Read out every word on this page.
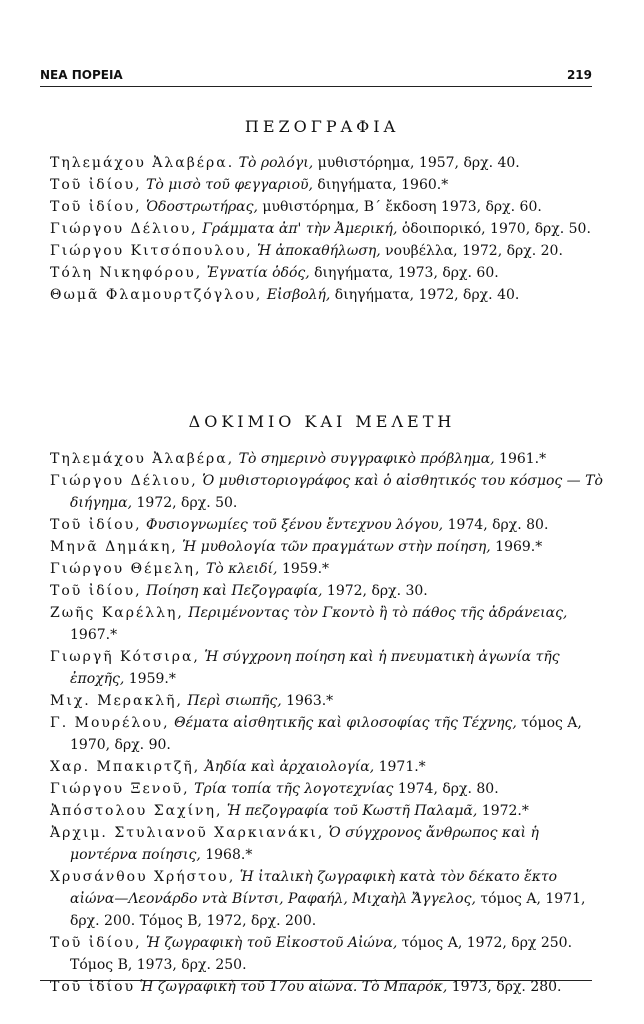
ΝΕΑ ΠΟΡΕΙΑ	219
ΠΕΖΟΓΡΑΦΙΑ

Τηλεμάχου Ἀλαβέρα. Τὸ ρολόγι, μυθιστόρημα, 1957, δρχ. 40.

Τοῦ ἰδίου, Τὸ μισὸ τοῦ φεγγαριοῦ, διηγήματα, 1960.*

Τοῦ ἰδίου, Ὁδοστρωτήρας, μυθιστόρημα, Β΄ ἔκδοση 1973, δρχ. 60.

Γιώργου Δέλιου, Γράμματα ἀπ' τὴν Ἀμερική, ὁδοιπορικό, 1970, δρχ. 50.

Γιώργου Κιτσόπουλου, Ἡ ἀποκαθήλωση, νουβέλλα, 1972, δρχ. 20.

Τόλη Νικηφόρου, Ἐγνατία ὁδός, διηγήματα, 1973, δρχ. 60.

Θωμᾶ Φλαμουρτζόγλου, Εἰσβολή, διηγήματα, 1972, δρχ. 40.

ΔΟΚΙΜΙΟ ΚΑΙ ΜΕΛΕΤΗ

Τηλεμάχου Ἀλαβέρα, Τὸ σημερινὸ συγγραφικὸ πρόβλημα, 1961.*

Γιώργου Δέλιου, Ὁ μυθιστοριογράφος καὶ ὁ αἰσθητικός του κόσμος — Τὸ διήγημα, 1972, δρχ. 50.

Τοῦ ἰδίου, Φυσιογνωμίες τοῦ ξένου ἔντεχνου λόγου, 1974, δρχ. 80.

Μηνᾶ Δημάκη, Ἡ μυθολογία τῶν πραγμάτων στὴν ποίηση, 1969.*

Γιώργου Θέμελη, Τὸ κλειδί, 1959.*

Τοῦ ἰδίου, Ποίηση καὶ Πεζογραφία, 1972, δρχ. 30.

Ζωῆς Καρέλλη, Περιμένοντας τὸν Γκοντὸ ἢ τὸ πάθος τῆς ἀδράνειας, 1967.*

Γιωργῆ Κότσιρα, Ἡ σύγχρονη ποίηση καὶ ἡ πνευματικὴ ἀγωνία τῆς ἐποχῆς, 1959.*

Μιχ. Μερακλῆ, Περὶ σιωπῆς, 1963.*

Γ. Μουρέλου, Θέματα αἰσθητικῆς καὶ φιλοσοφίας τῆς Τέχνης, τόμος Α, 1970, δρχ. 90.

Χαρ. Μπακιρτζῆ, Ἀηδία καὶ ἀρχαιολογία, 1971.*

Γιώργου Ξενοῦ, Τρία τοπία τῆς λογοτεχνίας 1974, δρχ. 80.

Ἀπόστολου Σαχίνη, Ἡ πεζογραφία τοῦ Κωστῆ Παλαμᾶ, 1972.*

Ἀρχιμ. Στυλιανοῦ Χαρκιανάκι, Ὁ σύγχρονος ἄνθρωπος καὶ ἡ μοντέρνα ποίησις, 1968.*

Χρυσάνθου Χρήστου, Ἡ ἰταλικὴ ζωγραφικὴ κατὰ τὸν δέκατο ἕκτο αἰώνα—Λεονάρδο ντὰ Βίντσι, Ραφαήλ, Μιχαὴλ Ἄγγελος, τόμος Α, 1971, δρχ. 200. Τόμος Β, 1972, δρχ. 200.

Τοῦ ἰδίου, Ἡ ζωγραφικὴ τοῦ Εἰκοστοῦ Αἰώνα, τόμος Α, 1972, δρχ 250. Τόμος Β, 1973, δρχ. 250.

Τοῦ ἰδίου Ἡ ζωγραφικὴ τοῦ 17ου αἰώνα. Τὸ Μπαρόκ, 1973, δρχ. 280.
